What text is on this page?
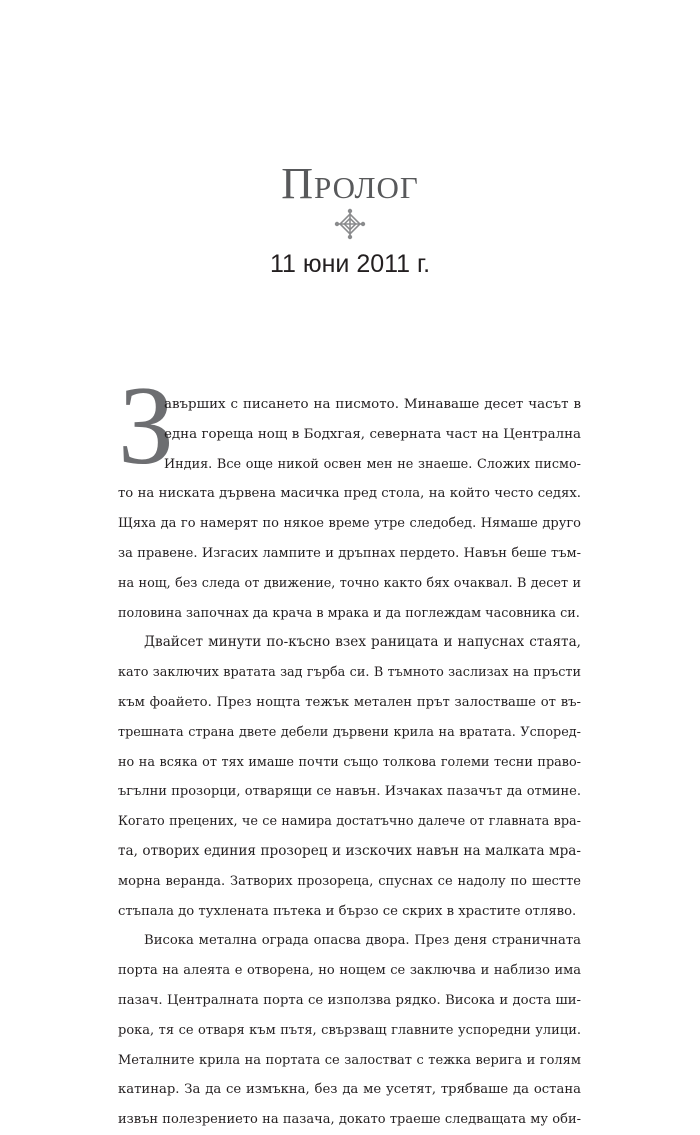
Пролог
11 юни 2011 г.
З
авърших с писането на писмото. Минаваше десет часът в
една гореща нощ в Бодхгая, северната част на Централна
Индия. Все още никой освен мен не знаеше. Сложих писмо-
то на ниската дървена масичка пред стола, на който често седях.
Щяха да го намерят по някое време утре следобед. Нямаше друго
за правене. Изгасих лампите и дръпнах пердето. Навън беше тъм-
на нощ, без следа от движение, точно както бях очаквал. В десет и
половина започнах да крача в мрака и да поглеждам часовника си.
Двайсет минути по-късно взех раницата и напуснах стаята,
като заключих вратата зад гърба си. В тъмното заслизах на пръсти
към фоайето. През нощта тежък метален прът залостваше от въ-
трешната страна двете дебели дървени крила на вратата. Успоред-
но на всяка от тях имаше почти също толкова големи тесни право-
ъгълни прозорци, отварящи се навън. Изчаках пазачът да отмине.
Когато прецених, че се намира достатъчно далече от главната вра-
та, отворих единия прозорец и изскочих навън на малката мра-
морна веранда. Затворих прозореца, спуснах се надолу по шестте
стъпала до тухлената пътека и бързо се скрих в храстите отляво.
Висока метална ограда опасва двора. През деня страничната
порта на алеята е отворена, но нощем се заключва и наблизо има
пазач. Централната порта се използва рядко. Висока и доста ши-
рока, тя се отваря към пътя, свързващ главните успоредни улици.
Металните крила на портата се залостват с тежка верига и голям
катинар. За да се измъкна, без да ме усетят, трябваше да остана
извън полезрението на пазача, докато траеше следващата му оби-
